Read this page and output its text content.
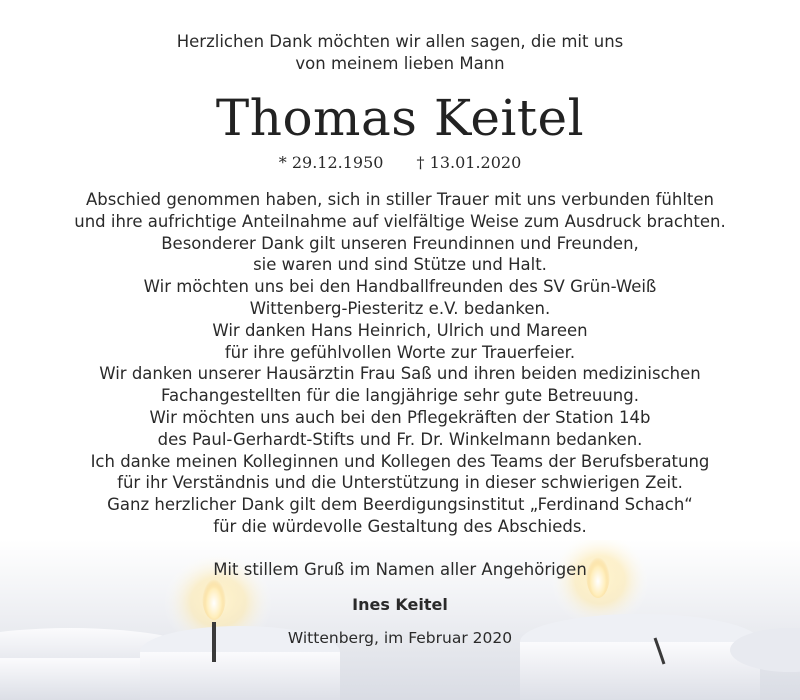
Herzlichen Dank möchten wir allen sagen, die mit uns
von meinem lieben Mann
Thomas Keitel
* 29.12.1950 † 13.01.2020
Abschied genommen haben, sich in stiller Trauer mit uns verbunden fühlten
und ihre aufrichtige Anteilnahme auf vielfältige Weise zum Ausdruck brachten.
Besonderer Dank gilt unseren Freundinnen und Freunden,
sie waren und sind Stütze und Halt.
Wir möchten uns bei den Handballfreunden des SV Grün-Weiß
Wittenberg-Piesteritz e.V. bedanken.
Wir danken Hans Heinrich, Ulrich und Mareen
für ihre gefühlvollen Worte zur Trauerfeier.
Wir danken unserer Hausärztin Frau Saß und ihren beiden medizinischen
Fachangestellten für die langjährige sehr gute Betreuung.
Wir möchten uns auch bei den Pflegekräften der Station 14b
des Paul-Gerhardt-Stifts und Fr. Dr. Winkelmann bedanken.
Ich danke meinen Kolleginnen und Kollegen des Teams der Berufsberatung
für ihr Verständnis und die Unterstützung in dieser schwierigen Zeit.
Ganz herzlicher Dank gilt dem Beerdigungsinstitut „Ferdinand Schach“
für die würdevolle Gestaltung des Abschieds.
Mit stillem Gruß im Namen aller Angehörigen
Ines Keitel
Wittenberg, im Februar 2020
